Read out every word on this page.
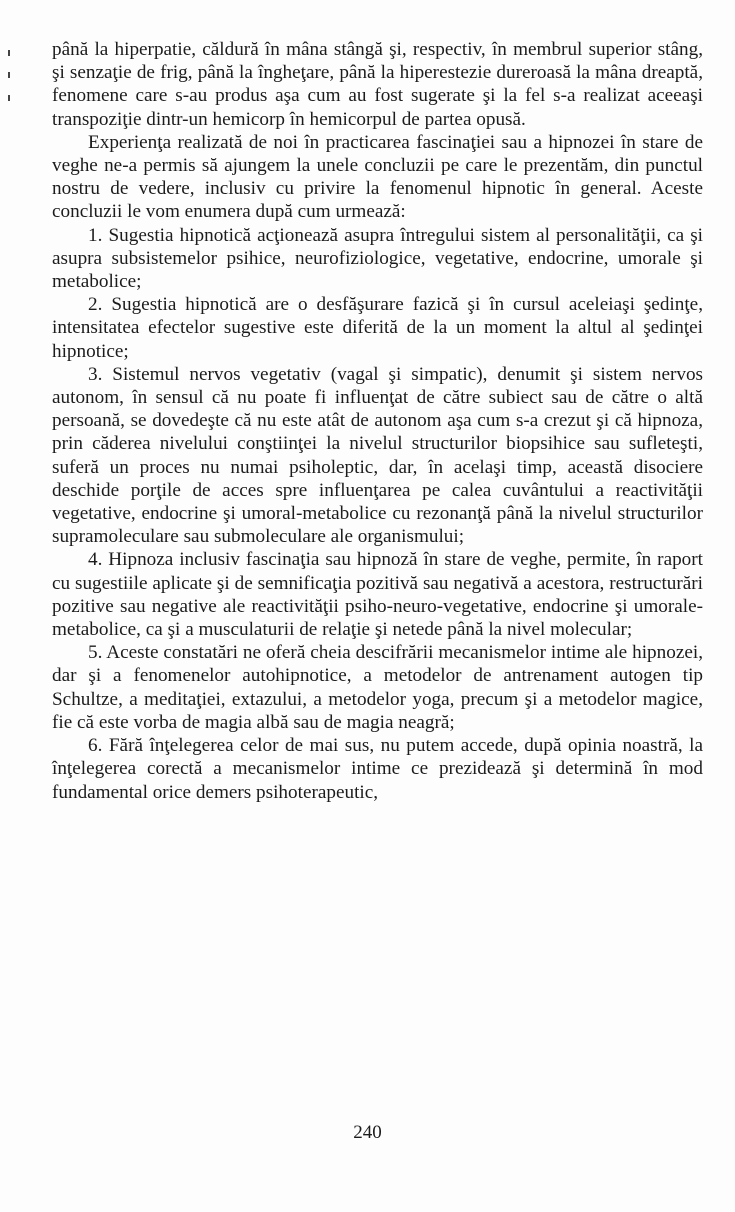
până la hiperpatie, căldură în mâna stângă şi, respectiv, în membrul superior stâng, şi senzaţie de frig, până la îngheţare, până la hiperestezie dureroasă la mâna dreaptă, fenomene care s-au produs aşa cum au fost sugerate şi la fel s-a realizat aceeaşi transpoziţie dintr-un hemicorp în hemicorpul de partea opusă.

Experienţa realizată de noi în practicarea fascinaţiei sau a hipnozei în stare de veghe ne-a permis să ajungem la unele concluzii pe care le prezentăm, din punctul nostru de vedere, inclusiv cu privire la fenomenul hipnotic în general. Aceste concluzii le vom enumera după cum urmează:

1. Sugestia hipnotică acţionează asupra întregului sistem al personalităţii, ca şi asupra subsistemelor psihice, neurofiziologice, vegetative, endocrine, umorale şi metabolice;

2. Sugestia hipnotică are o desfăşurare fazică şi în cursul aceleiaşi şedinţe, intensitatea efectelor sugestive este diferită de la un moment la altul al şedinţei hipnotice;

3. Sistemul nervos vegetativ (vagal şi simpatic), denumit şi sistem nervos autonom, în sensul că nu poate fi influenţat de către subiect sau de către o altă persoană, se dovedeşte că nu este atât de autonom aşa cum s-a crezut şi că hipnoza, prin căderea nivelului conştiinţei la nivelul structurilor biopsihice sau sufleteşti, suferă un proces nu numai psiholeptic, dar, în acelaşi timp, această disociere deschide porţile de acces spre influenţarea pe calea cuvântului a reactivităţii vegetative, endocrine şi umoral-metabolice cu rezonanţă până la nivelul structurilor supramoleculare sau submoleculare ale organismului;

4. Hipnoza inclusiv fascinaţia sau hipnoză în stare de veghe, permite, în raport cu sugestiile aplicate şi de semnificaţia pozitivă sau negativă a acestora, restructurări pozitive sau negative ale reactivităţii psiho-neuro-vegetative, endocrine şi umorale-metabolice, ca şi a musculaturii de relaţie şi netede până la nivel molecular;

5. Aceste constatări ne oferă cheia descifrării mecanismelor intime ale hipnozei, dar şi a fenomenelor autohipnotice, a metodelor de antrenament autogen tip Schultze, a meditaţiei, extazului, a metodelor yoga, precum şi a metodelor magice, fie că este vorba de magia albă sau de magia neagră;

6. Fără înţelegerea celor de mai sus, nu putem accede, după opinia noastră, la înţelegerea corectă a mecanismelor intime ce prezidează şi determină în mod fundamental orice demers psihoterapeutic,

240
